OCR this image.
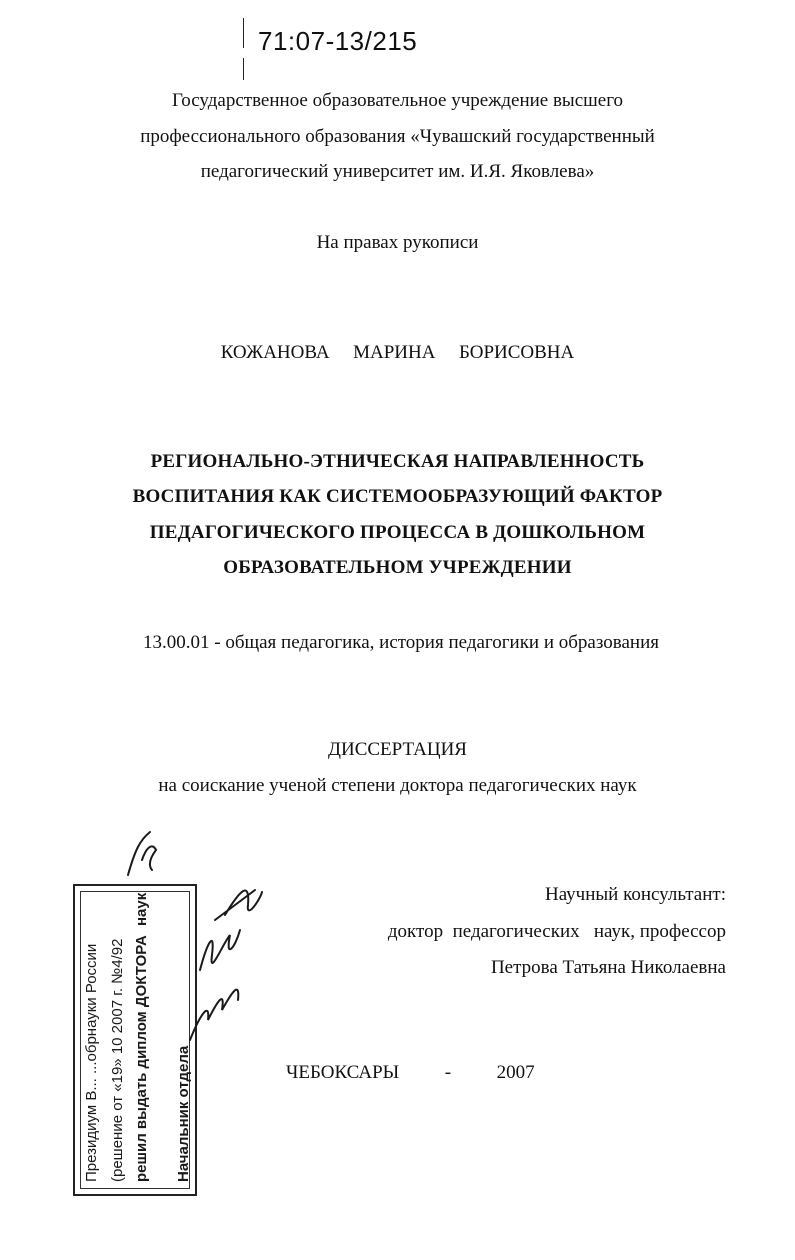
71:07-13/215
Государственное образовательное учреждение высшего
профессионального образования «Чувашский государственный
педагогический университет им. И.Я. Яковлева»
На правах рукописи
КОЖАНОВА МАРИНА БОРИСОВНА
РЕГИОНАЛЬНО-ЭТНИЧЕСКАЯ НАПРАВЛЕННОСТЬ
ВОСПИТАНИЯ КАК СИСТЕМООБРАЗУЮЩИЙ ФАКТОР
ПЕДАГОГИЧЕСКОГО ПРОЦЕССА В ДОШКОЛЬНОМ
ОБРАЗОВАТЕЛЬНОМ УЧРЕЖДЕНИИ
13.00.01 - общая педагогика, история педагогики и образования
ДИССЕРТАЦИЯ
на соискание ученой степени доктора педагогических наук
Научный консультант:
доктор  педагогических   наук, профессор
Петрова Татьяна Николаевна
ЧЕБОКСАРЫ - 2007
Президиум В... ...обрнауки России (решение от «19» 10 2007 г. №4/92 решил выдать диплом ДОКТОРА
наук
Начальник отдела
